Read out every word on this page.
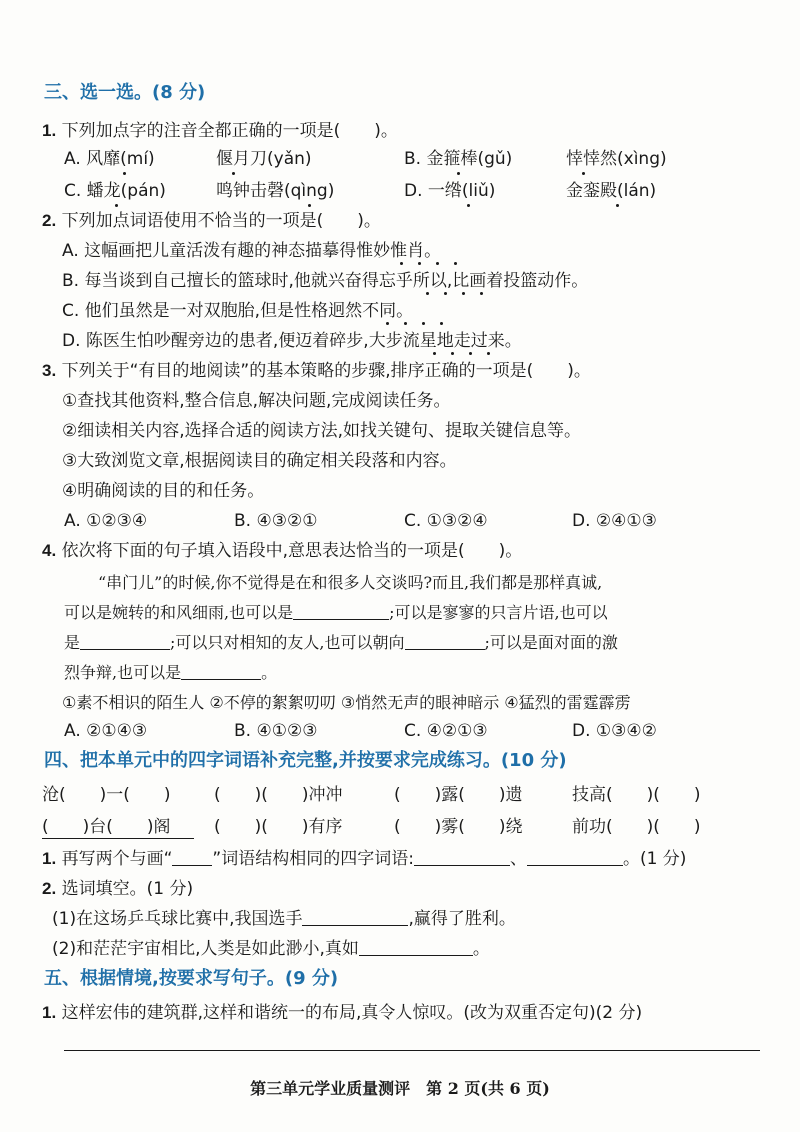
三、选一选。(8 分)
1. 下列加点字的注音全都正确的一项是(　　)。
A. 风靡(mí)	偃月刀(yǎn)	B. 金箍棒(gǔ)	悻悻然(xìng)
C. 蟠龙(pán)	鸣钟击磬(qìng)	D. 一绺(liǔ)	金銮殿(lán)
2. 下列加点词语使用不恰当的一项是(　　)。
A. 这幅画把儿童活泼有趣的神态描摹得惟妙惟肖。
B. 每当谈到自己擅长的篮球时,他就兴奋得忘乎所以,比画着投篮动作。
C. 他们虽然是一对双胞胎,但是性格迥然不同。
D. 陈医生怕吵醒旁边的患者,便迈着碎步,大步流星地走过来。
3. 下列关于“有目的地阅读”的基本策略的步骤,排序正确的一项是(　　)。
①查找其他资料,整合信息,解决问题,完成阅读任务。
②细读相关内容,选择合适的阅读方法,如找关键句、提取关键信息等。
③大致浏览文章,根据阅读目的确定相关段落和内容。
④明确阅读的目的和任务。
A. ①②③④	B. ④③②①	C. ①③②④	D. ②④①③
4. 依次将下面的句子填入语段中,意思表达恰当的一项是(　　)。
“串门儿”的时候,你不觉得是在和很多人交谈吗?而且,我们都是那样真诚,
可以是婉转的和风细雨,也可以是	;可以是寥寥的只言片语,也可以
是	;可以只对相知的友人,也可以朝向	;可以是面对面的激
烈争辩,也可以是	。
①素不相识的陌生人 ②不停的絮絮叨叨 ③悄然无声的眼神暗示 ④猛烈的雷霆霹雳
A. ②①④③	B. ④①②③	C. ④②①③	D. ①③④②
四、把本单元中的四字词语补充完整,并按要求完成练习。(10 分)
沧(　　)一(　　)	(　　)(　　)冲冲	(　　)露(　　)遗	技高(　　)(　　)
(　　)台(　　)阁	(　　)(　　)有序	(　　)雾(　　)绕	前功(　　)(　　)
1. 再写两个与画“ ”词语结构相同的四字词语:	、	。(1 分)
2. 选词填空。(1 分)
(1)在这场乒乓球比赛中,我国选手	,赢得了胜利。
(2)和茫茫宇宙相比,人类是如此渺小,真如	。
五、根据情境,按要求写句子。(9 分)
1. 这样宏伟的建筑群,这样和谐统一的布局,真令人惊叹。(改为双重否定句)(2 分)
第三单元学业质量测评　第 2 页(共 6 页)
